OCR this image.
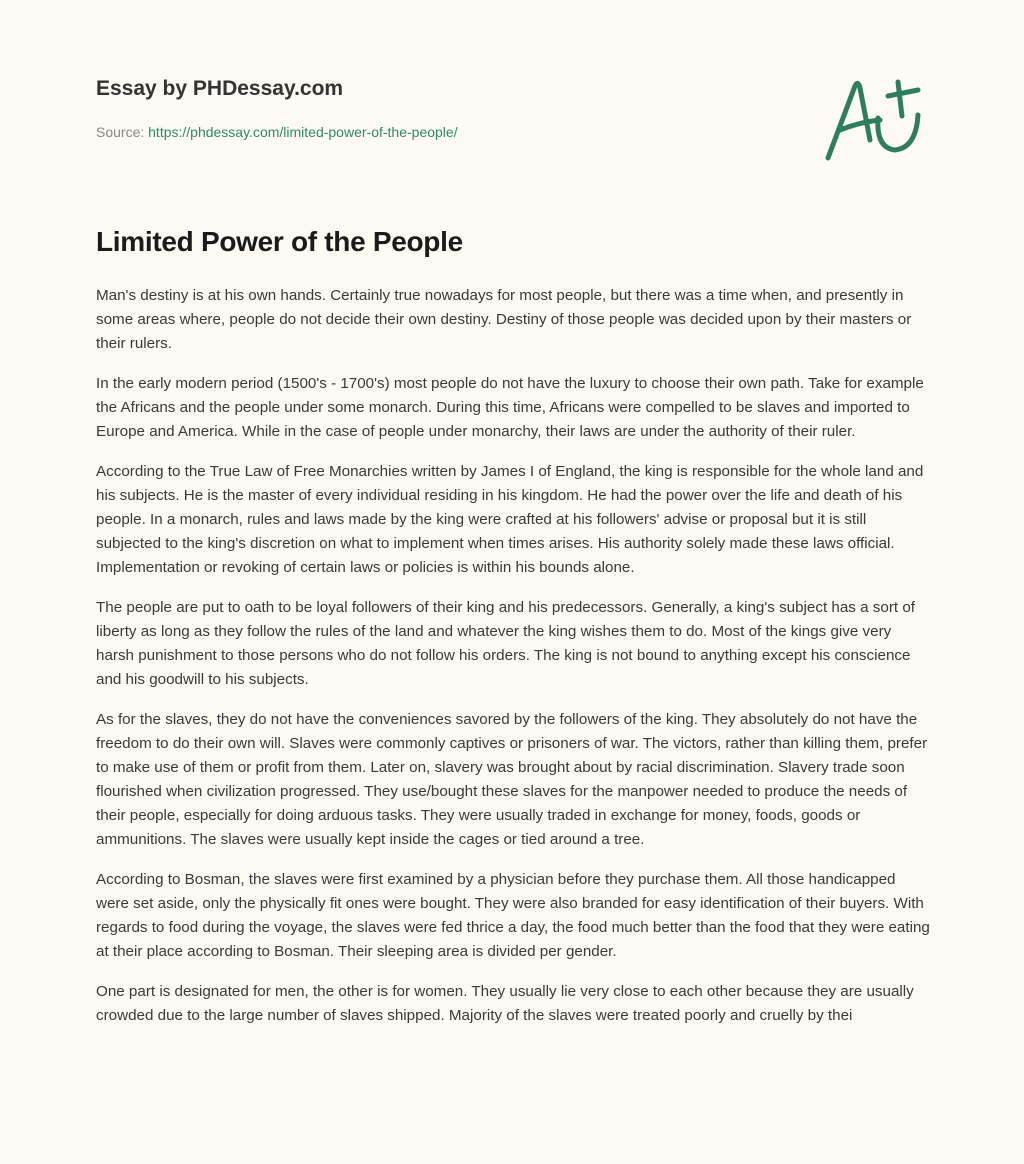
Essay by PHDessay.com
Source: https://phdessay.com/limited-power-of-the-people/
Limited Power of the People

Man's destiny is at his own hands. Certainly true nowadays for most people, but there was a time when, and presently in some areas where, people do not decide their own destiny. Destiny of those people was decided upon by their masters or their rulers.

In the early modern period (1500's - 1700's) most people do not have the luxury to choose their own path. Take for example the Africans and the people under some monarch. During this time, Africans were compelled to be slaves and imported to Europe and America. While in the case of people under monarchy, their laws are under the authority of their ruler.

According to the True Law of Free Monarchies written by James I of England, the king is responsible for the whole land and his subjects. He is the master of every individual residing in his kingdom. He had the power over the life and death of his people. In a monarch, rules and laws made by the king were crafted at his followers' advise or proposal but it is still subjected to the king's discretion on what to implement when times arises. His authority solely made these laws official. Implementation or revoking of certain laws or policies is within his bounds alone.

The people are put to oath to be loyal followers of their king and his predecessors. Generally, a king's subject has a sort of liberty as long as they follow the rules of the land and whatever the king wishes them to do. Most of the kings give very harsh punishment to those persons who do not follow his orders. The king is not bound to anything except his conscience and his goodwill to his subjects.

As for the slaves, they do not have the conveniences savored by the followers of the king. They absolutely do not have the freedom to do their own will. Slaves were commonly captives or prisoners of war. The victors, rather than killing them, prefer to make use of them or profit from them. Later on, slavery was brought about by racial discrimination. Slavery trade soon flourished when civilization progressed. They use/bought these slaves for the manpower needed to produce the needs of their people, especially for doing arduous tasks. They were usually traded in exchange for money, foods, goods or ammunitions. The slaves were usually kept inside the cages or tied around a tree.

According to Bosman, the slaves were first examined by a physician before they purchase them. All those handicapped were set aside, only the physically fit ones were bought. They were also branded for easy identification of their buyers. With regards to food during the voyage, the slaves were fed thrice a day, the food much better than the food that they were eating at their place according to Bosman. Their sleeping area is divided per gender.

One part is designated for men, the other is for women. They usually lie very close to each other because they are usually crowded due to the large number of slaves shipped. Majority of the slaves were treated poorly and cruelly by thei
